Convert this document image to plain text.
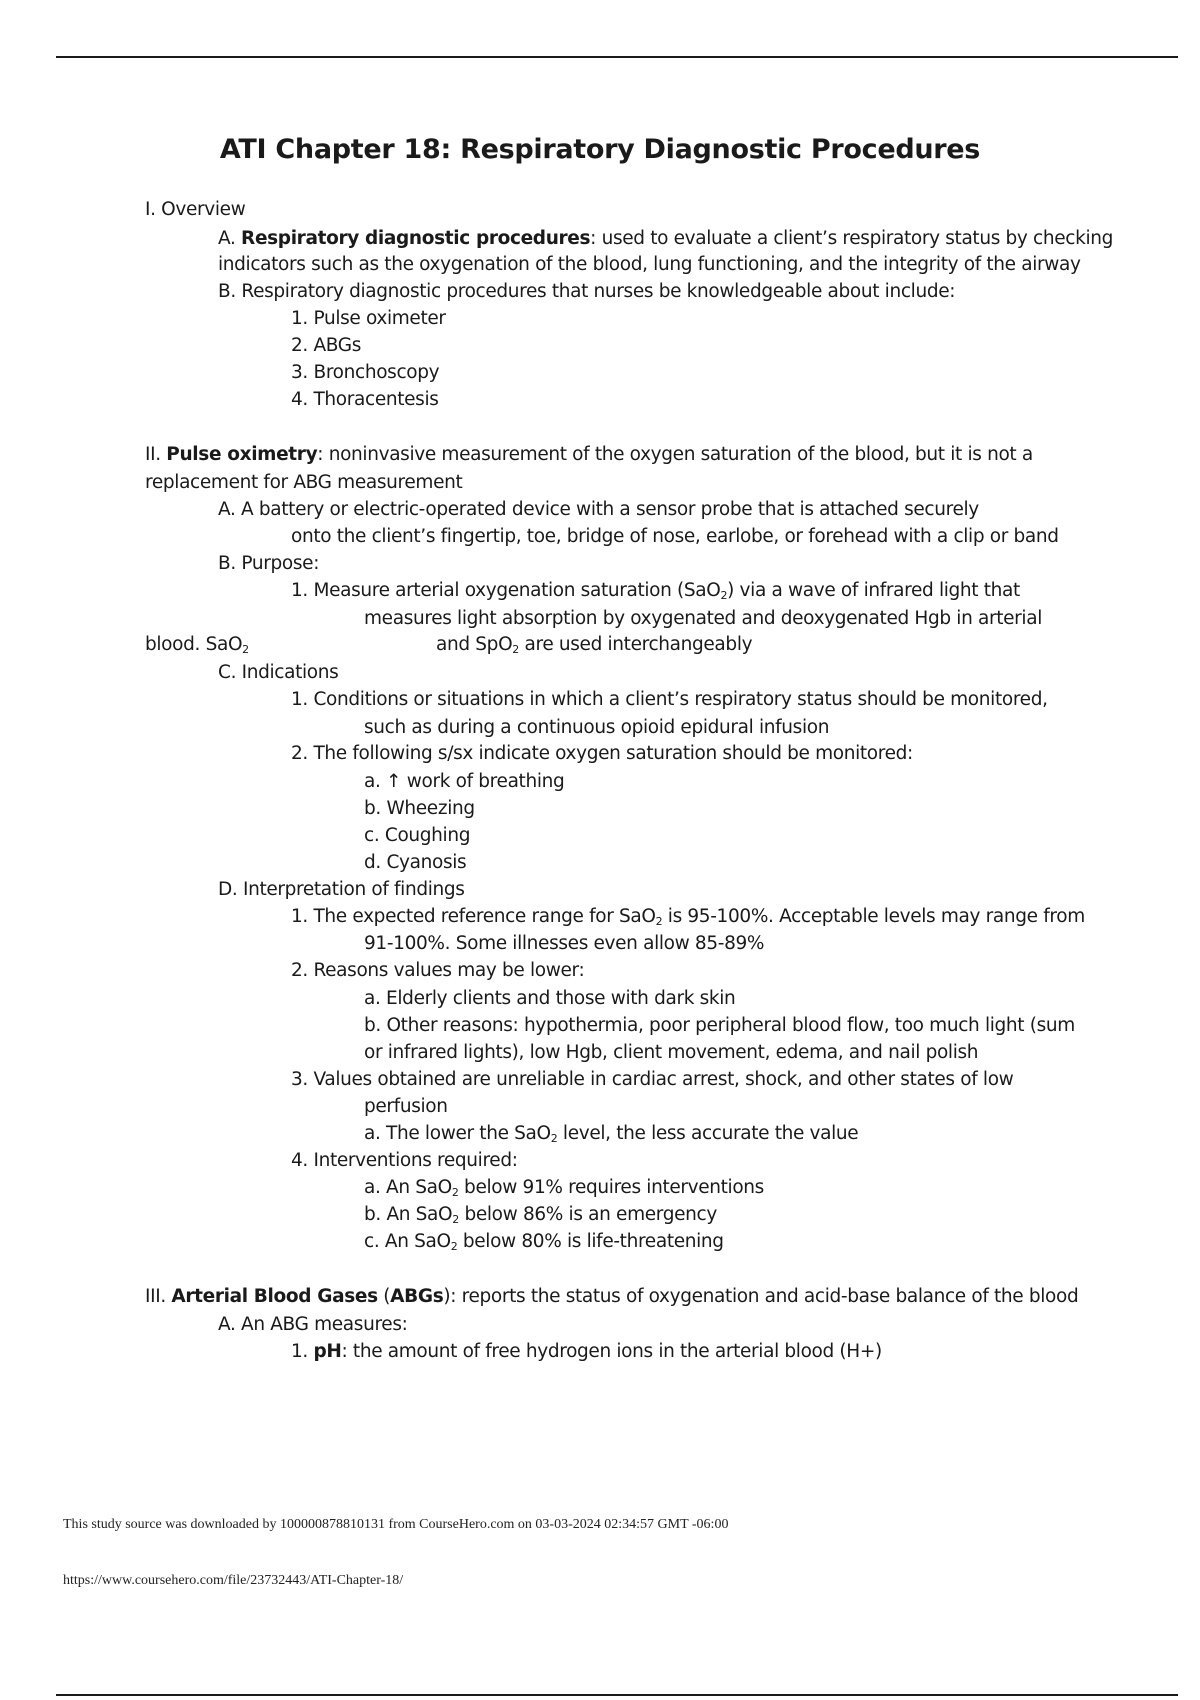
ATI Chapter 18: Respiratory Diagnostic Procedures
I. Overview
A. Respiratory diagnostic procedures: used to evaluate a client’s respiratory status by checking
indicators such as the oxygenation of the blood, lung functioning, and the integrity of the airway
B. Respiratory diagnostic procedures that nurses be knowledgeable about include:
1. Pulse oximeter
2. ABGs
3. Bronchoscopy
4. Thoracentesis
II. Pulse oximetry: noninvasive measurement of the oxygen saturation of the blood, but it is not a
replacement for ABG measurement
A. A battery or electric-operated device with a sensor probe that is attached securely
onto the client’s fingertip, toe, bridge of nose, earlobe, or forehead with a clip or band
B. Purpose:
1. Measure arterial oxygenation saturation (SaO$_2$) via a wave of infrared light that
measures light absorption by oxygenated and deoxygenated Hgb in arterial
blood. SaO$_2$	and SpO$_2$ are used interchangeably
C. Indications
1. Conditions or situations in which a client’s respiratory status should be monitored,
such as during a continuous opioid epidural infusion
2. The following s/sx indicate oxygen saturation should be monitored:
a. ↑ work of breathing
b. Wheezing
c. Coughing
d. Cyanosis
D. Interpretation of findings
1. The expected reference range for SaO$_2$ is 95-100%. Acceptable levels may range from
91-100%. Some illnesses even allow 85-89%
2. Reasons values may be lower:
a. Elderly clients and those with dark skin
b. Other reasons: hypothermia, poor peripheral blood flow, too much light (sum
or infrared lights), low Hgb, client movement, edema, and nail polish
3. Values obtained are unreliable in cardiac arrest, shock, and other states of low
perfusion
a. The lower the SaO$_2$ level, the less accurate the value
4. Interventions required:
a. An SaO$_2$ below 91% requires interventions
b. An SaO$_2$ below 86% is an emergency
c. An SaO$_2$ below 80% is life-threatening
III. Arterial Blood Gases (ABGs): reports the status of oxygenation and acid-base balance of the blood
A. An ABG measures:
1. pH: the amount of free hydrogen ions in the arterial blood (H+)
This study source was downloaded by 100000878810131 from CourseHero.com on 03-03-2024 02:34:57 GMT -06:00
https://www.coursehero.com/file/23732443/ATI-Chapter-18/
